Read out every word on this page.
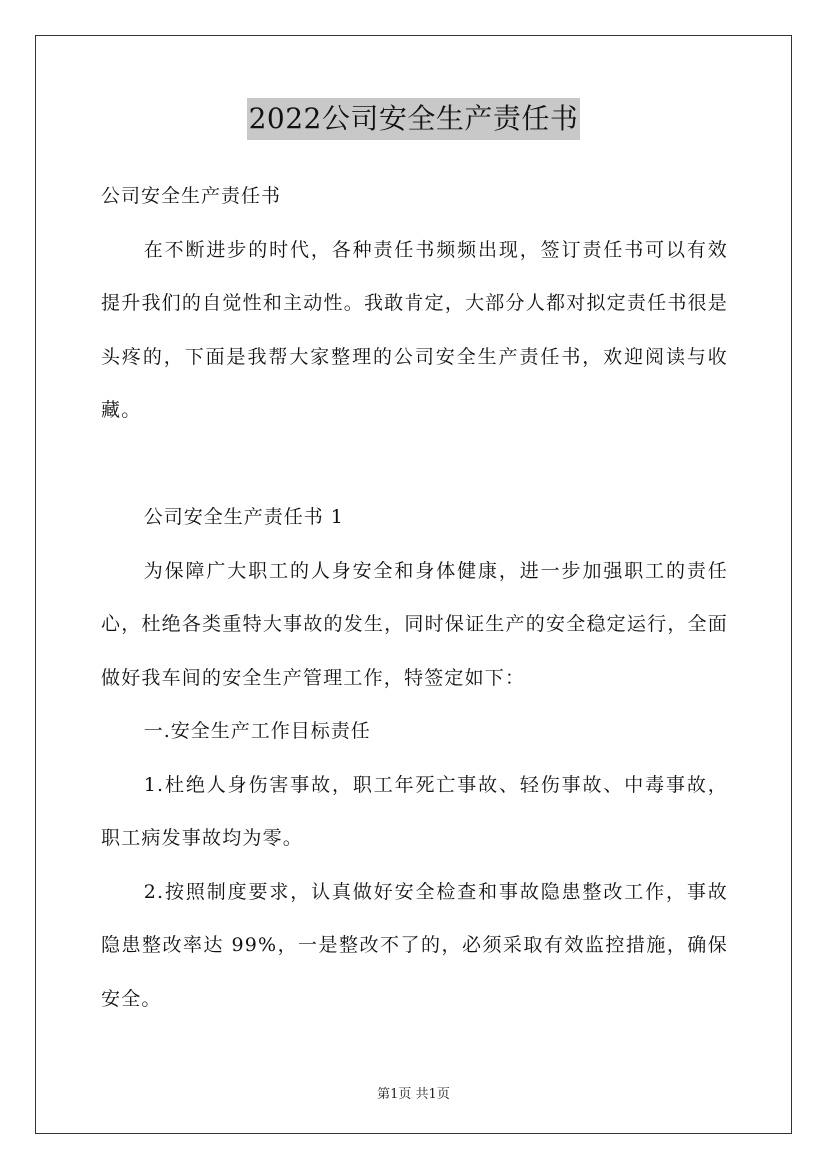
2022公司安全生产责任书
公司安全生产责任书

在不断进步的时代，各种责任书频频出现，签订责任书可以有效提升我们的自觉性和主动性。我敢肯定，大部分人都对拟定责任书很是头疼的，下面是我帮大家整理的公司安全生产责任书，欢迎阅读与收藏。

公司安全生产责任书 1

为保障广大职工的人身安全和身体健康，进一步加强职工的责任心，杜绝各类重特大事故的发生，同时保证生产的安全稳定运行，全面做好我车间的安全生产管理工作，特签定如下：

一.安全生产工作目标责任

1.杜绝人身伤害事故，职工年死亡事故、轻伤事故、中毒事故，职工病发事故均为零。

2.按照制度要求，认真做好安全检查和事故隐患整改工作，事故隐患整改率达 99%，一是整改不了的，必须采取有效监控措施，确保安全。

第1页 共1页
